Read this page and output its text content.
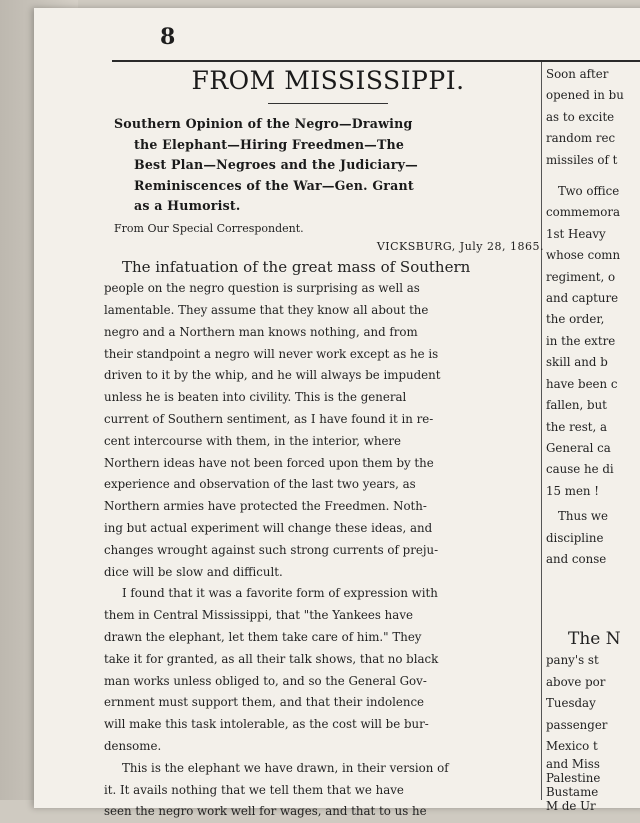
8
FROM MISSISSIPPI.
Southern Opinion of the Negro—Drawing
the Elephant—Hiring Freedmen—The
Best Plan—Negroes and the Judiciary—
Reminiscences of the War—Gen. Grant
as a Humorist.
From Our Special Correspondent.
VICKSBURG, July 28, 1865.
The infatuation of the great mass of Southern
people on the negro question is surprising as well as
lamentable. They assume that they know all about the
negro and a Northern man knows nothing, and from
their standpoint a negro will never work except as he is
driven to it by the whip, and he will always be impudent
unless he is beaten into civility. This is the general
current of Southern sentiment, as I have found it in re-
cent intercourse with them, in the interior, where
Northern ideas have not been forced upon them by the
experience and observation of the last two years, as
Northern armies have protected the Freedmen. Noth-
ing but actual experiment will change these ideas, and
changes wrought against such strong currents of preju-
dice will be slow and difficult.
I found that it was a favorite form of expression with
them in Central Mississippi, that "the Yankees have
drawn the elephant, let them take care of him." They
take it for granted, as all their talk shows, that no black
man works unless obliged to, and so the General Gov-
ernment must support them, and that their indolence
will make this task intolerable, as the cost will be bur-
densome.
This is the elephant we have drawn, in their version of
it. It avails nothing that we tell them that we have
seen the negro work well for wages, and that to us he
Soon after
opened in bu
as to excite
random rec
missiles of t
Two office
commemora
1st Heavy
whose comn
regiment, o
and capture
the order,
in the extre
skill and b
have been c
fallen, but
the rest, a
General ca
cause he di
15 men !
Thus we
discipline
and conse
The N
pany's st
above por
Tuesday
passenger
Mexico t
and Miss
Palestine
Bustame
M de Ur
